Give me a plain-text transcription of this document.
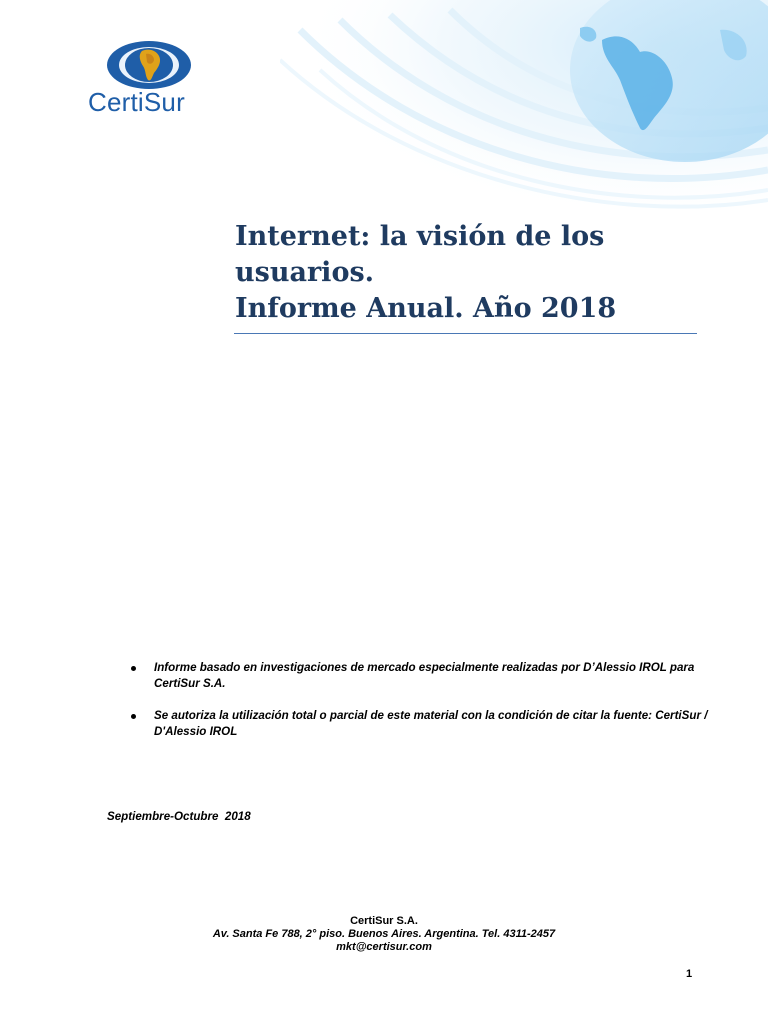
CertiSur
Internet: la visión de los
usuarios.
Informe Anual. Año 2018
Informe basado en investigaciones de mercado especialmente realizadas por D’Alessio IROL para CertiSur S.A.
Se autoriza la utilización total o parcial de este material con la condición de citar la fuente: CertiSur / D'Alessio IROL
Septiembre-Octubre  2018
CertiSur S.A.
Av. Santa Fe 788, 2° piso. Buenos Aires. Argentina. Tel. 4311-2457
mkt@certisur.com
1
